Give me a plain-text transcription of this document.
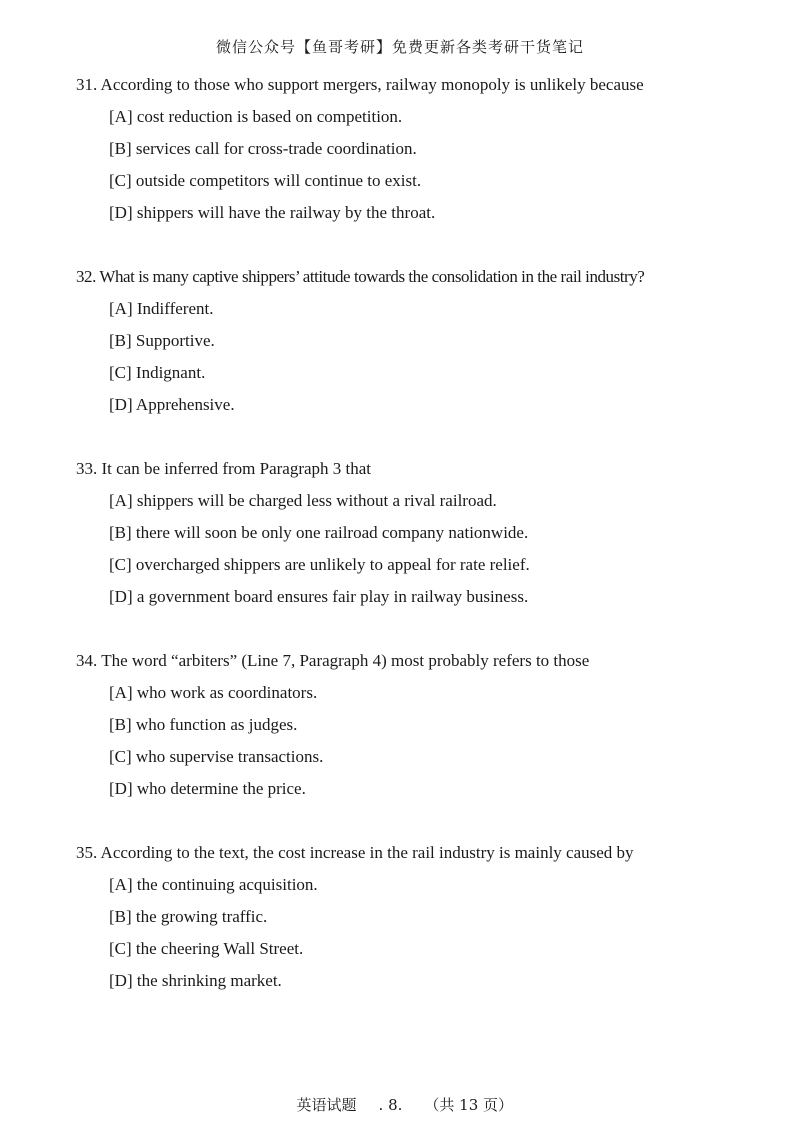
微信公众号【鱼哥考研】免费更新各类考研干货笔记
31. According to those who support mergers, railway monopoly is unlikely because
[A] cost reduction is based on competition.
[B] services call for cross-trade coordination.
[C] outside competitors will continue to exist.
[D] shippers will have the railway by the throat.
32. What is many captive shippers’ attitude towards the consolidation in the rail industry?
[A] Indifferent.
[B] Supportive.
[C] Indignant.
[D] Apprehensive.
33. It can be inferred from Paragraph 3 that
[A] shippers will be charged less without a rival railroad.
[B] there will soon be only one railroad company nationwide.
[C] overcharged shippers are unlikely to appeal for rate relief.
[D] a government board ensures fair play in railway business.
34. The word “arbiters” (Line 7, Paragraph 4) most probably refers to those
[A] who work as coordinators.
[B] who function as judges.
[C] who supervise transactions.
[D] who determine the price.
35. According to the text, the cost increase in the rail industry is mainly caused by
[A] the continuing acquisition.
[B] the growing traffic.
[C] the cheering Wall Street.
[D] the shrinking market.

英语试题 . 8. （共 13 页）
